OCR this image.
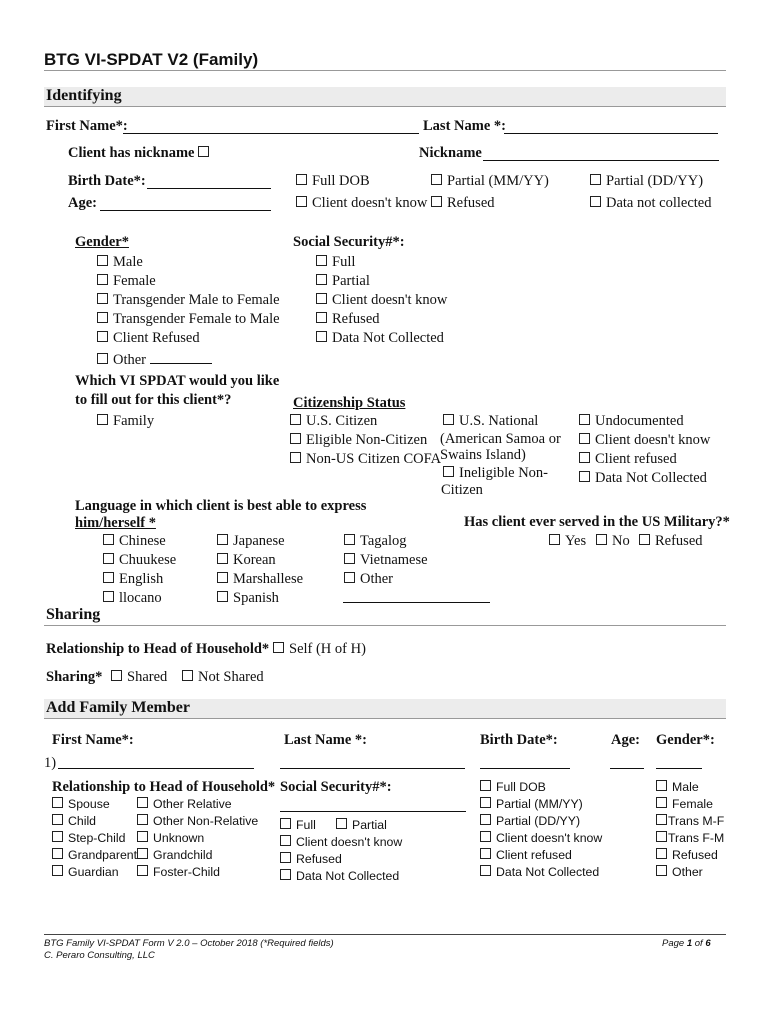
BTG VI-SPDAT V2 (Family)
Identifying
First Name*:	Last Name *:
Client has nickname	Nickname
Birth Date*:
Age:
Full DOB	Partial (MM/YY)	Partial (DD/YY)
Client doesn't know	Refused	Data not collected
Gender*
Male
Female
Transgender Male to Female
Transgender Female to Male
Client Refused
Other
Social Security#*:
Full
Partial
Client doesn't know
Refused
Data Not Collected
Which VI SPDAT would you like
to fill out for this client*?
Family
Citizenship Status
U.S. Citizen
Eligible Non-Citizen
Non-US Citizen COFA
U.S. National
(American Samoa or
Swains Island)
Ineligible Non-
Citizen
Undocumented
Client doesn't know
Client refused
Data Not Collected
Language in which client is best able to express
him/herself *
Chinese
Chuukese
English
llocano
Japanese
Korean
Marshallese
Spanish
Tagalog
Vietnamese
Other
Has client ever served in the US Military?*
Yes	No	Refused
Sharing
Relationship to Head of Household*	Self (H of H)
Sharing*	Shared	Not Shared
Add Family Member
First Name*:	Last Name *:	Birth Date*:	Age: Gender*:
1)
Relationship to Head of Household* Social Security#*:
Spouse
Child
Step-Child
Grandparent
Guardian
Other Relative
Other Non-Relative
Unknown
Grandchild
Foster-Child
Full	Partial
Client doesn't know
Refused
Data Not Collected
Full DOB
Partial (MM/YY)
Partial (DD/YY)
Client doesn't know
Client refused
Data Not Collected
Male
Female
Trans M-F
Trans F-M
Refused
Other
BTG Family VI-SPDAT Form V 2.0 – October 2018 (*Required fields)
C. Peraro Consulting, LLC
Page 1 of 6
